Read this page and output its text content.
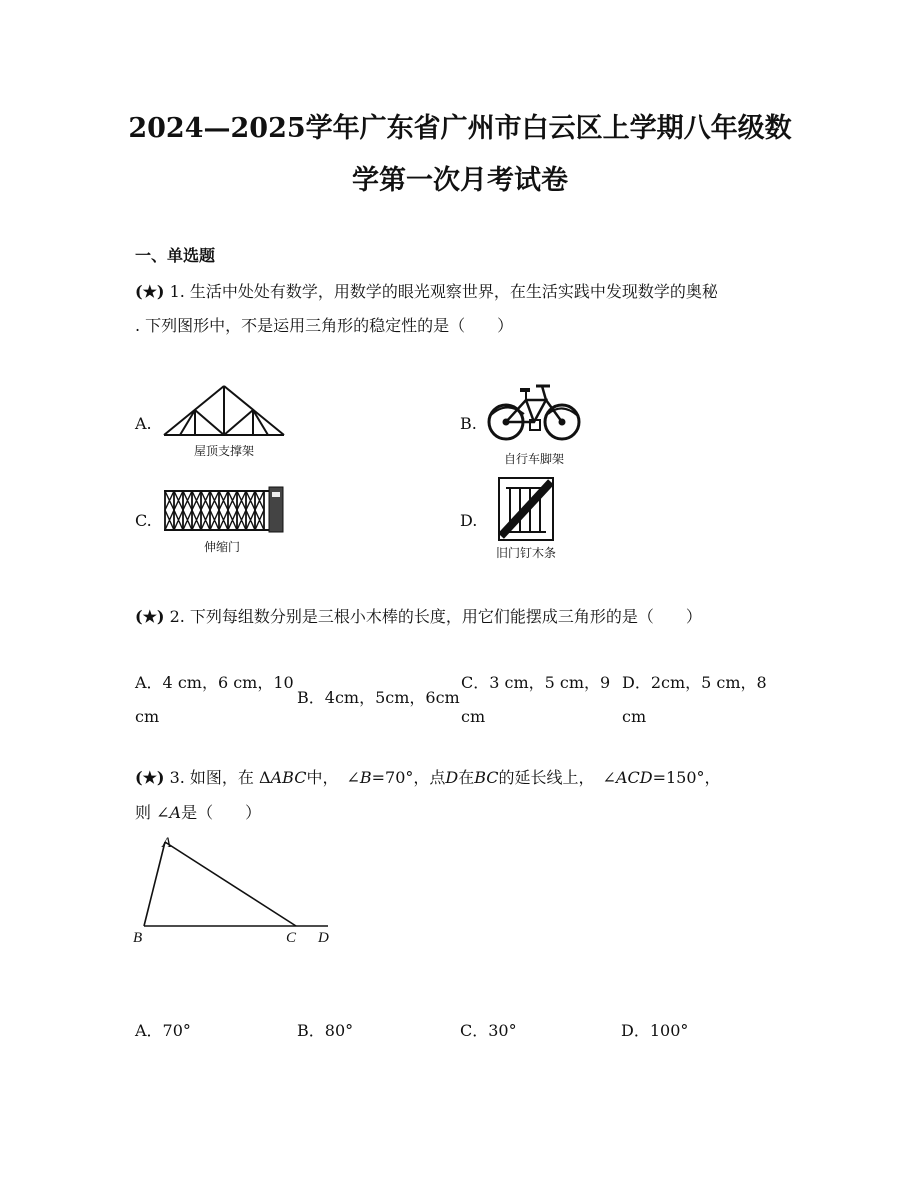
2024—2025学年广东省广州市白云区上学期八年级数
学第一次月考试卷
一、单选题
(★) 1. 生活中处处有数学，用数学的眼光观察世界，在生活实践中发现数学的奥秘
. 下列图形中，不是运用三角形的稳定性的是（　　）
A.
屋顶支撑架
B.
自行车脚架
C.
伸缩门
D.
旧门钉木条
(★) 2. 下列每组数分别是三根小木棒的长度，用它们能摆成三角形的是（　　）
A．4 cm，6 cm，10
cm
B．4cm，5cm，6cm
C．3 cm，5 cm，9
cm
D．2cm，5 cm，8
cm
(★) 3. 如图，在 ΔABC中，　∠B=70°，点D在BC的延长线上，　∠ACD=150°，
则 ∠A是（　　）
A
B	C D
A．70°	B．80°	C．30°	D．100°
